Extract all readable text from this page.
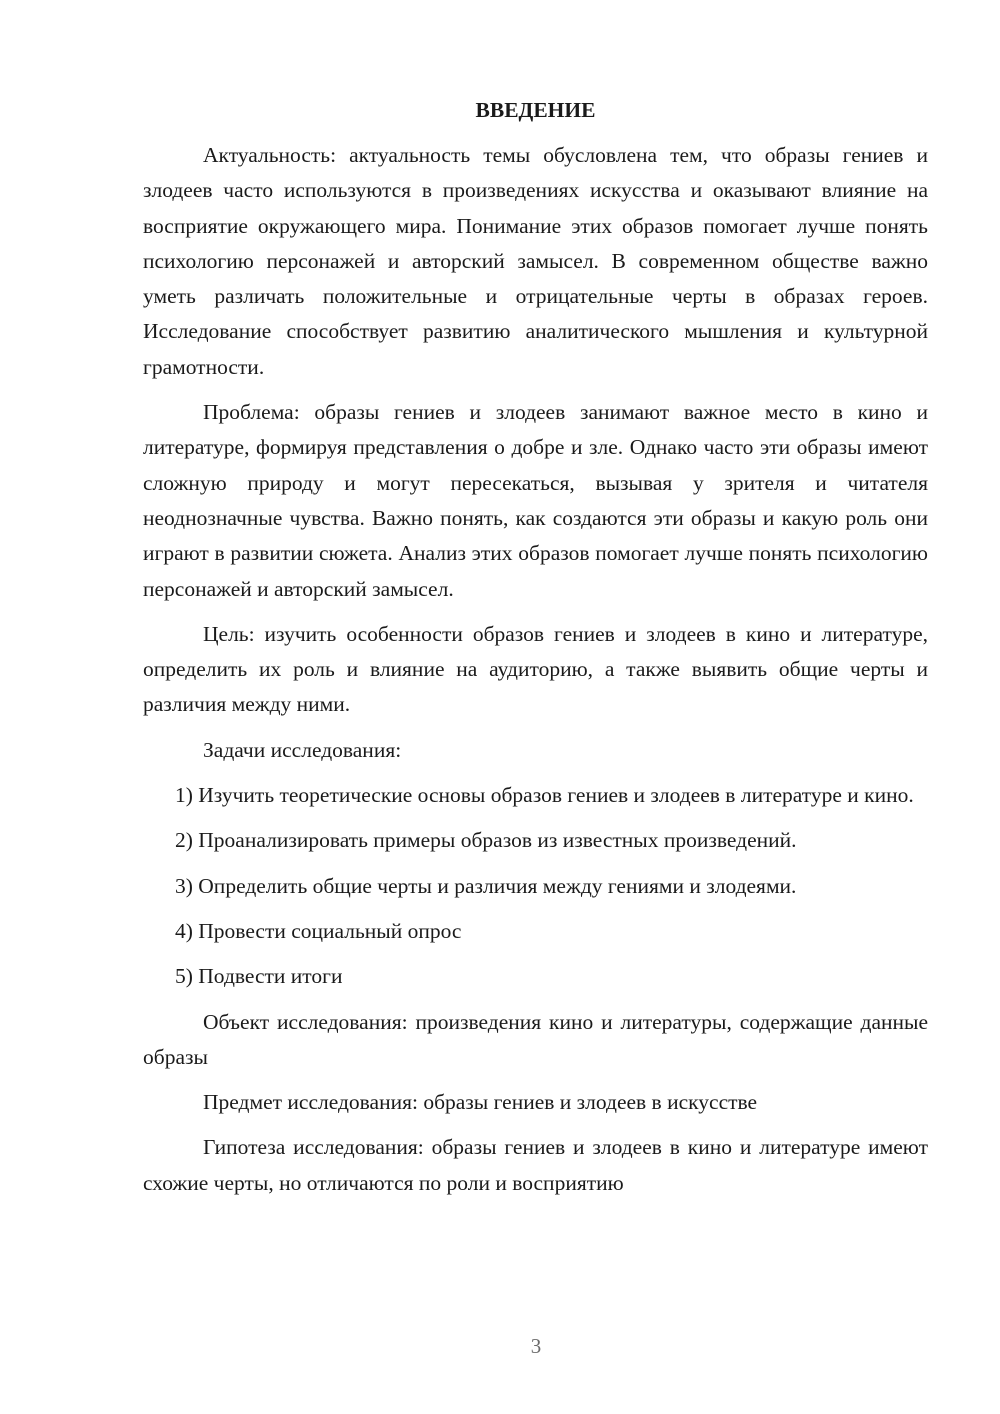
ВВЕДЕНИЕ

Актуальность: актуальность темы обусловлена тем, что образы гениев и злодеев часто используются в произведениях искусства и оказывают влияние на восприятие окружающего мира. Понимание этих образов помогает лучше понять психологию персонажей и авторский замысел. В современном обществе важно уметь различать положительные и отрицательные черты в образах героев. Исследование способствует развитию аналитического мышления и культурной грамотности.

Проблема: образы гениев и злодеев занимают важное место в кино и литературе, формируя представления о добре и зле. Однако часто эти образы имеют сложную природу и могут пересекаться, вызывая у зрителя и читателя неоднозначные чувства. Важно понять, как создаются эти образы и какую роль они играют в развитии сюжета. Анализ этих образов помогает лучше понять психологию персонажей и авторский замысел.

Цель: изучить особенности образов гениев и злодеев в кино и литературе, определить их роль и влияние на аудиторию, а также выявить общие черты и различия между ними.

Задачи исследования:

1) Изучить теоретические основы образов гениев и злодеев в литературе и кино.

2) Проанализировать примеры образов из известных произведений.

3) Определить общие черты и различия между гениями и злодеями.

4) Провести социальный опрос

5) Подвести итоги

Объект исследования: произведения кино и литературы, содержащие данные образы

Предмет исследования: образы гениев и злодеев в искусстве

Гипотеза исследования: образы гениев и злодеев в кино и литературе имеют схожие черты, но отличаются по роли и восприятию

3
